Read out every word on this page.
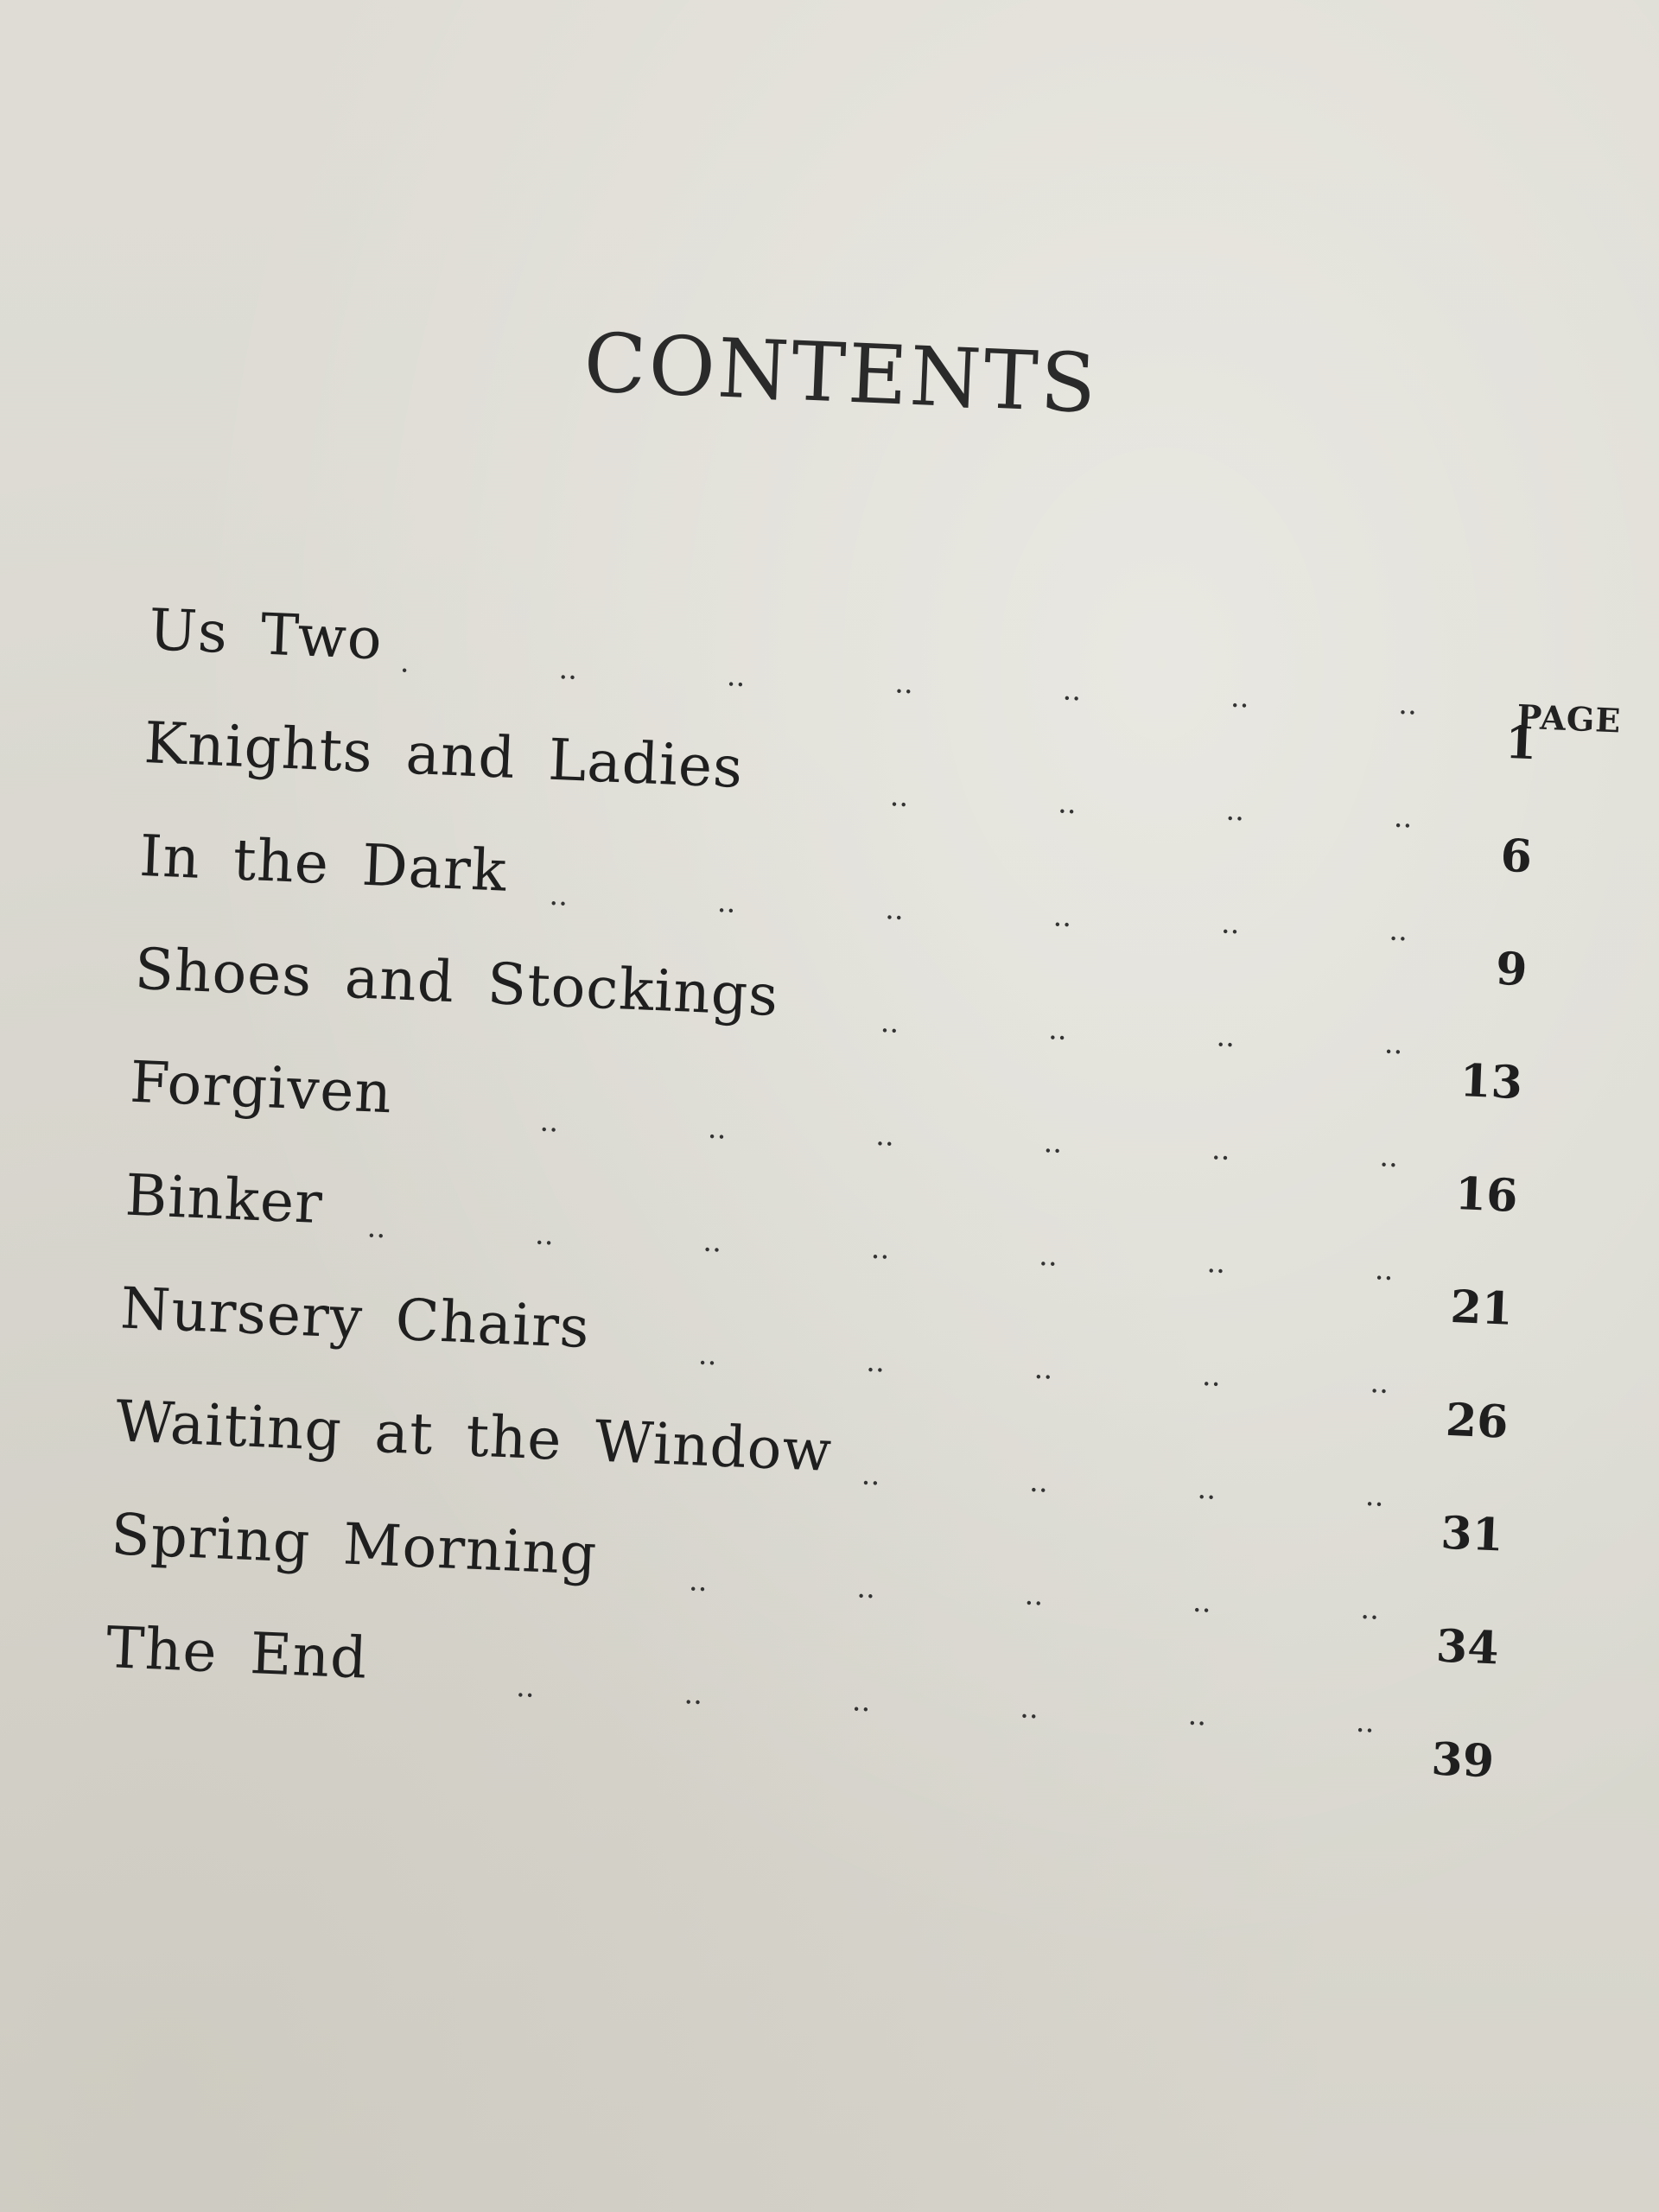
CONTENTS
PAGE
Us Two
..
1
Knights and Ladies
..
6
In the Dark
..
9
Shoes and Stockings
..
13
Forgiven
..
16
Binker
..
21
Nursery Chairs
..
26
Waiting at the Window
..
31
Spring Morning
..
34
The End
..
39
